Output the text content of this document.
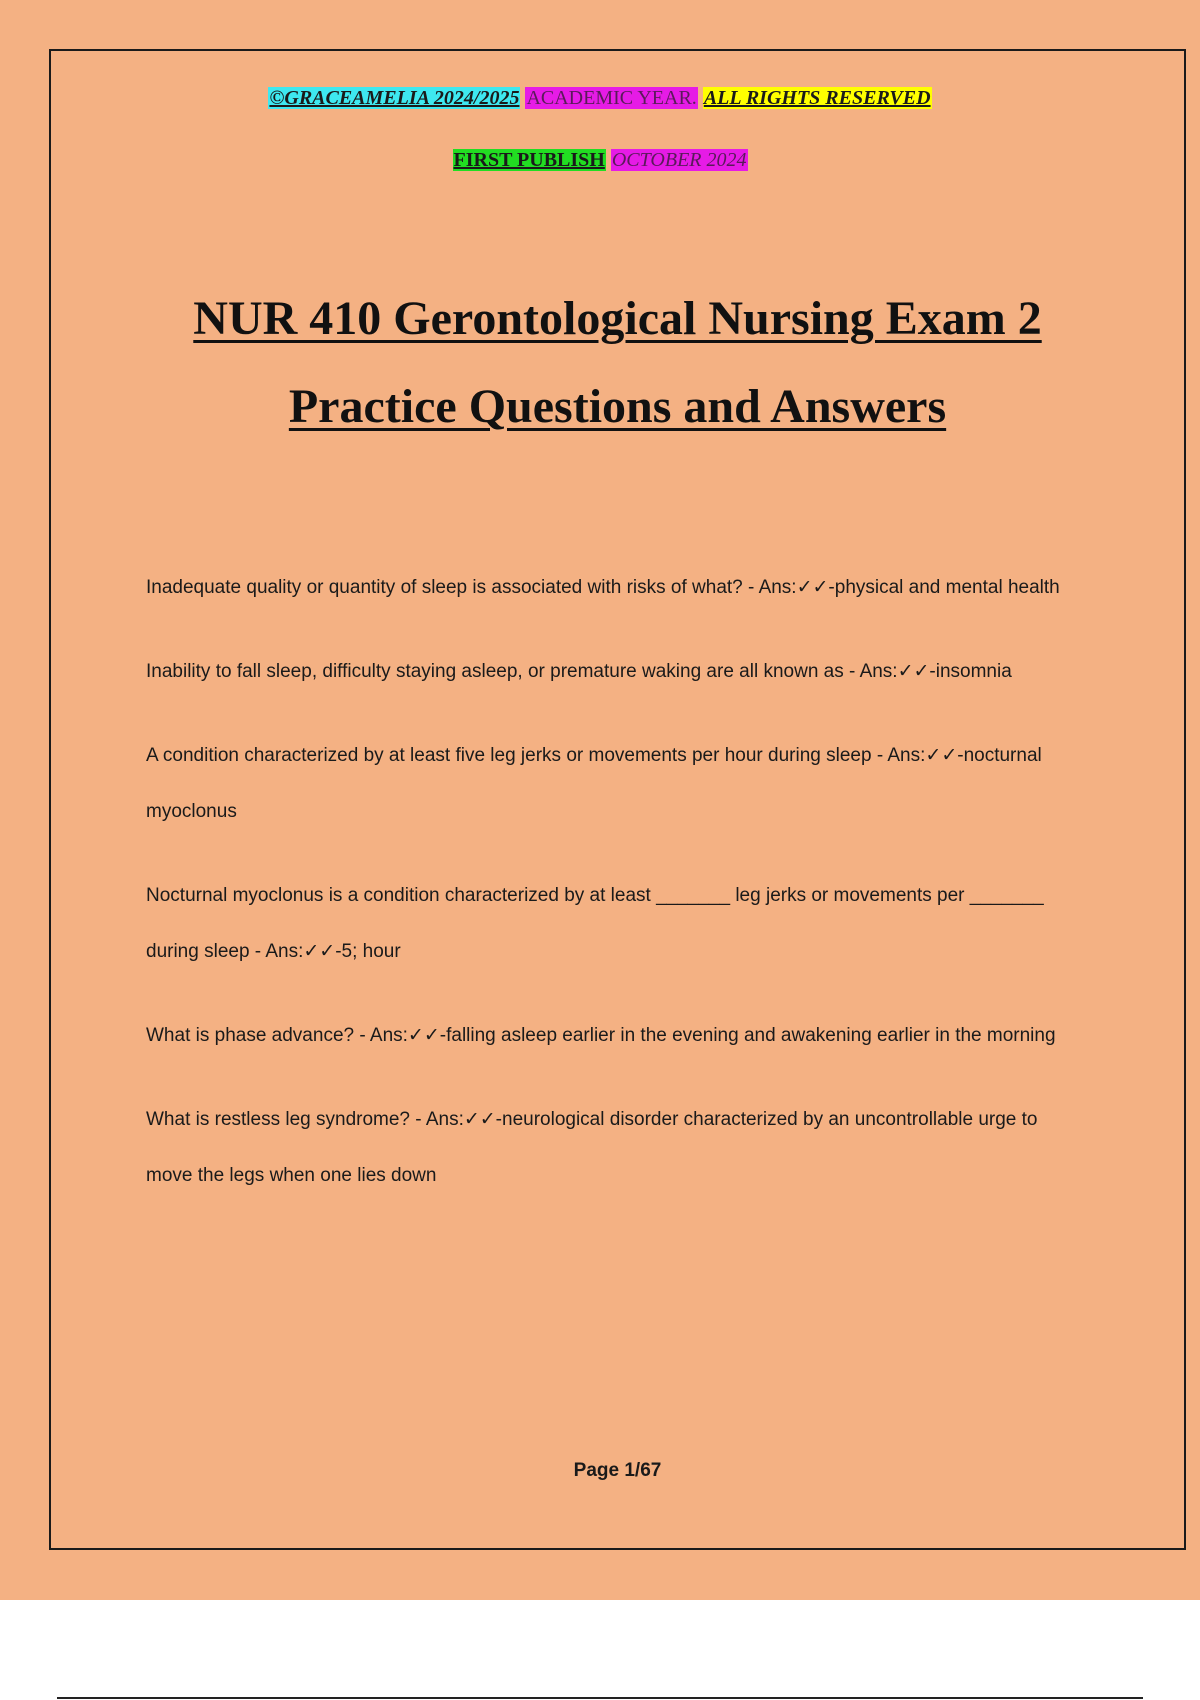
©GRACEAMELIA 2024/2025 ACADEMIC YEAR. ALL RIGHTS RESERVED
FIRST PUBLISH OCTOBER 2024
NUR 410 Gerontological Nursing Exam 2
Practice Questions and Answers
Inadequate quality or quantity of sleep is associated with risks of what? - Ans:✓✓-physical and mental health
Inability to fall sleep, difficulty staying asleep, or premature waking are all known as - Ans:✓✓-insomnia
A condition characterized by at least five leg jerks or movements per hour during sleep - Ans:✓✓-nocturnal myoclonus
Nocturnal myoclonus is a condition characterized by at least _______ leg jerks or movements per _______ during sleep - Ans:✓✓-5; hour
What is phase advance? - Ans:✓✓-falling asleep earlier in the evening and awakening earlier in the morning
What is restless leg syndrome? - Ans:✓✓-neurological disorder characterized by an uncontrollable urge to move the legs when one lies down
Page 1/67
